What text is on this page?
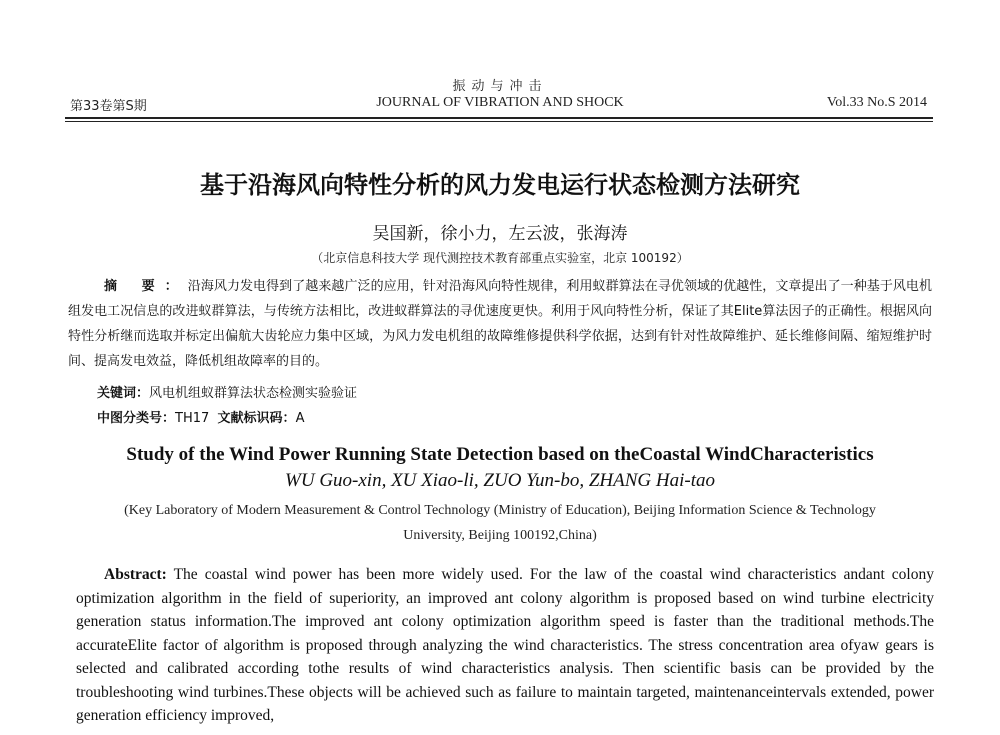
振动与冲击
第33卷第S期	JOURNAL OF VIBRATION AND SHOCK	Vol.33 No.S 2014
基于沿海风向特性分析的风力发电运行状态检测方法研究
吴国新，徐小力，左云波，张海涛
（北京信息科技大学 现代测控技术教育部重点实验室，北京 100192）
摘 要：沿海风力发电得到了越来越广泛的应用，针对沿海风向特性规律，利用蚁群算法在寻优领域的优越性，文章提出了一种基于风电机组发电工况信息的改进蚁群算法，与传统方法相比，改进蚁群算法的寻优速度更快。利用于风向特性分析，保证了其Elite算法因子的正确性。根据风向特性分析继而选取并标定出偏航大齿轮应力集中区域，为风力发电机组的故障维修提供科学依据，达到有针对性故障维护、延长维修间隔、缩短维护时间、提高发电效益，降低机组故障率的目的。
关键词：风电机组蚁群算法状态检测实验验证
中图分类号：TH17 文献标识码：A
Study of the Wind Power Running State Detection based on theCoastal WindCharacteristics
WU Guo-xin, XU Xiao-li, ZUO Yun-bo, ZHANG Hai-tao
(Key Laboratory of Modern Measurement & Control Technology (Ministry of Education), Beijing Information Science & Technology University, Beijing 100192,China)
Abstract: The coastal wind power has been more widely used. For the law of the coastal wind characteristics andant colony optimization algorithm in the field of superiority, an improved ant colony algorithm is proposed based on wind turbine electricity generation status information.The improved ant colony optimization algorithm speed is faster than the traditional methods.The accurateElite factor of algorithm is proposed through analyzing the wind characteristics. The stress concentration area ofyaw gears is selected and calibrated according tothe results of wind characteristics analysis. Then scientific basis can be provided by the troubleshooting wind turbines.These objects will be achieved such as failure to maintain targeted, maintenanceintervals extended, power generation efficiency improved,
